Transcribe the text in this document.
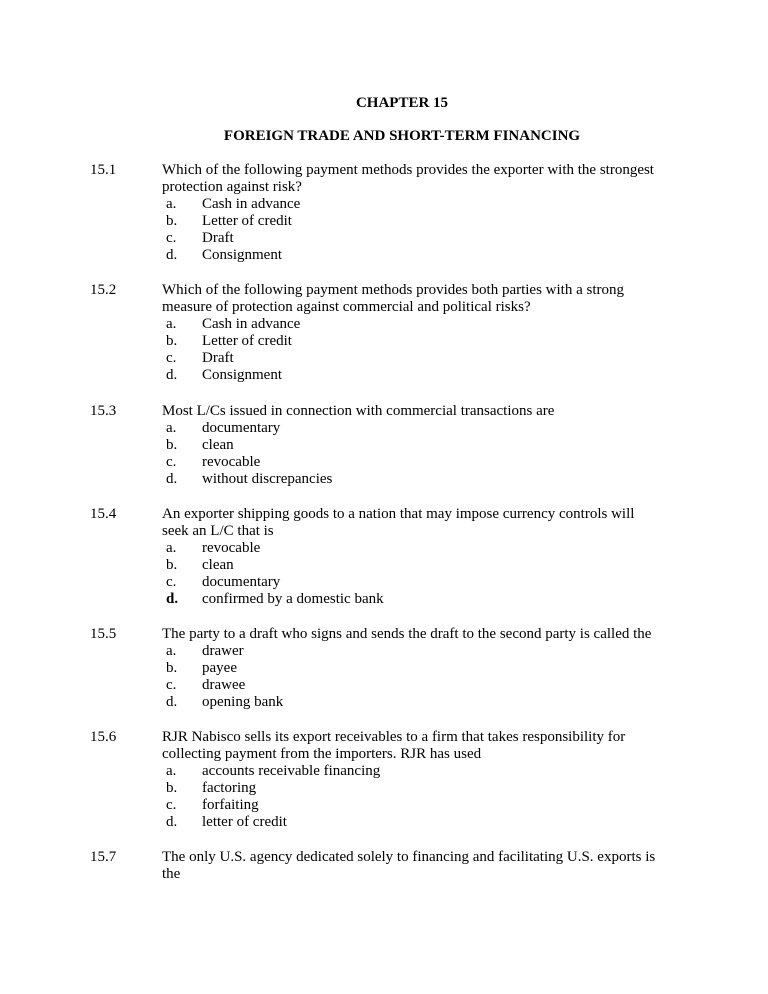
CHAPTER 15
FOREIGN TRADE AND SHORT-TERM FINANCING
15.1	Which of the following payment methods provides the exporter with the strongest
protection against risk?
a. Cash in advance
b. Letter of credit
c. Draft
d. Consignment
15.2	Which of the following payment methods provides both parties with a strong
measure of protection against commercial and political risks?
a. Cash in advance
b. Letter of credit
c. Draft
d. Consignment
15.3	Most L/Cs issued in connection with commercial transactions are
a. documentary
b. clean
c. revocable
d. without discrepancies
15.4	An exporter shipping goods to a nation that may impose currency controls will
seek an L/C that is
a. revocable
b. clean
c. documentary
d. confirmed by a domestic bank
15.5	The party to a draft who signs and sends the draft to the second party is called the
a. drawer
b. payee
c. drawee
d. opening bank
15.6	RJR Nabisco sells its export receivables to a firm that takes responsibility for
collecting payment from the importers. RJR has used
a. accounts receivable financing
b. factoring
c. forfaiting
d. letter of credit
15.7	The only U.S. agency dedicated solely to financing and facilitating U.S. exports is
the
